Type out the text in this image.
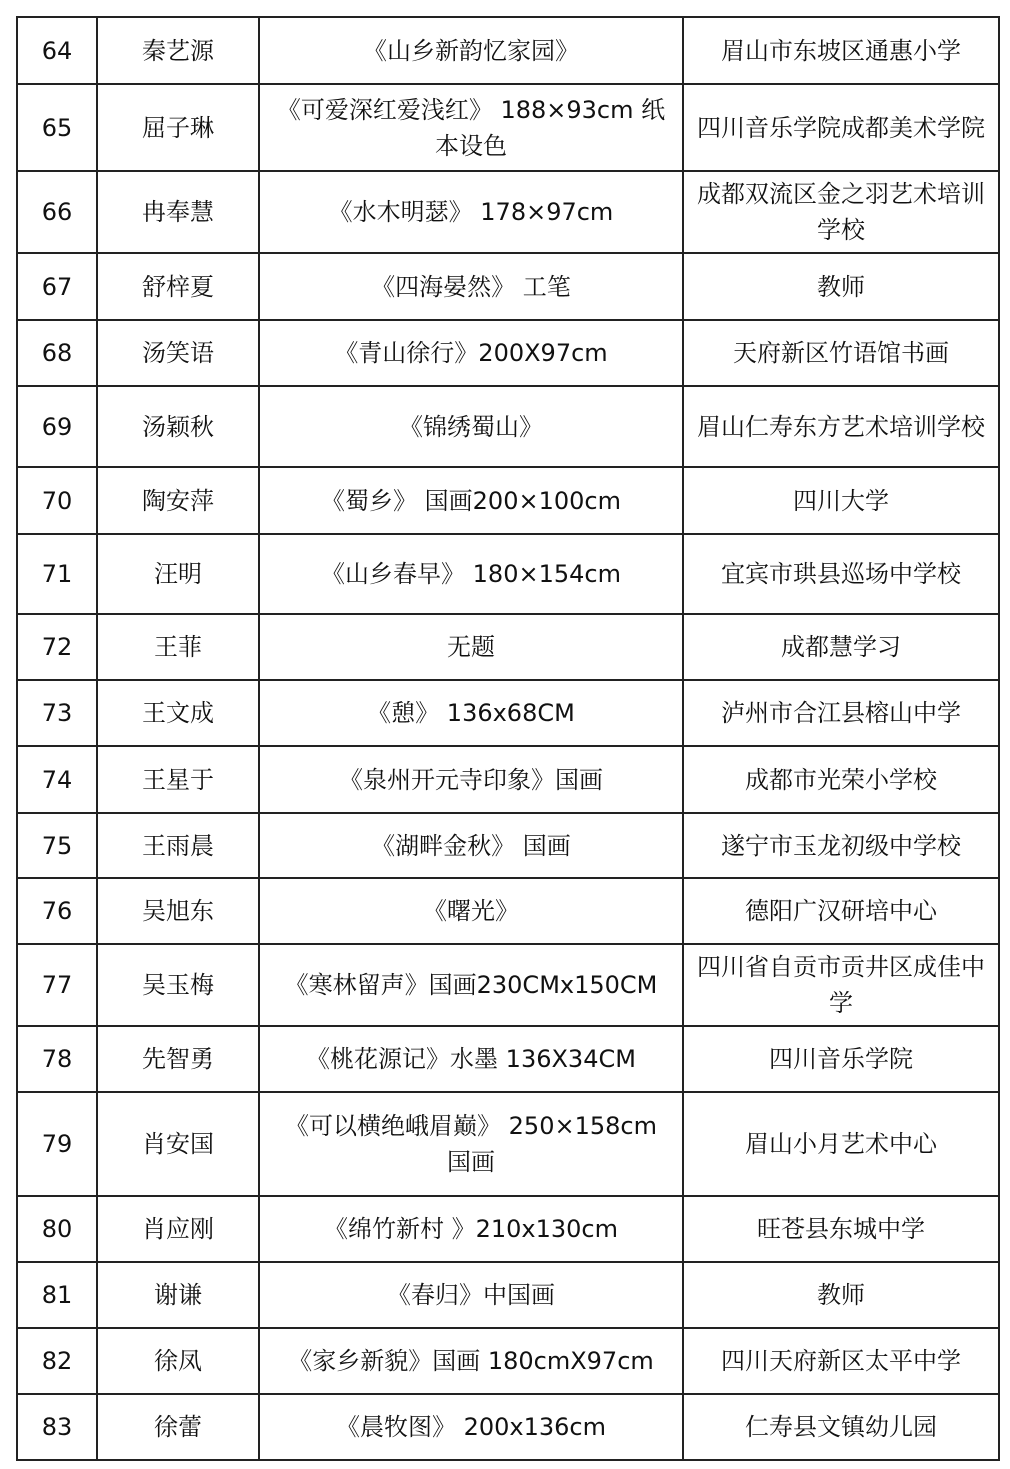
64	秦艺源	《山乡新韵忆家园》	眉山市东坡区通惠小学
65	屈子琳	《可爱深红爱浅红》 188×93cm 纸本设色	四川音乐学院成都美术学院
66	冉奉慧	《水木明瑟》 178×97cm	成都双流区金之羽艺术培训学校
67	舒梓夏	《四海晏然》 工笔	教师
68	汤笑语	《青山徐行》200X97cm	天府新区竹语馆书画
69	汤颖秋	《锦绣蜀山》	眉山仁寿东方艺术培训学校
70	陶安萍	《蜀乡》 国画200×100cm	四川大学
71	汪明	《山乡春早》 180×154cm	宜宾市珙县巡场中学校
72	王菲	无题	成都慧学习
73	王文成	《憩》 136x68CM	泸州市合江县榕山中学
74	王星于	《泉州开元寺印象》国画	成都市光荣小学校
75	王雨晨	《湖畔金秋》 国画	遂宁市玉龙初级中学校
76	吴旭东	《曙光》	德阳广汉研培中心
77	吴玉梅	《寒林留声》国画230CMx150CM	四川省自贡市贡井区成佳中学
78	先智勇	《桃花源记》水墨 136X34CM	四川音乐学院
79	肖安国	《可以横绝峨眉巅》 250×158cm 国画	眉山小月艺术中心
80	肖应刚	《绵竹新村 》210x130cm	旺苍县东城中学
81	谢谦	《春归》中国画	教师
82	徐凤	《家乡新貌》国画 180cmX97cm	四川天府新区太平中学
83	徐蕾	《晨牧图》 200x136cm	仁寿县文镇幼儿园
